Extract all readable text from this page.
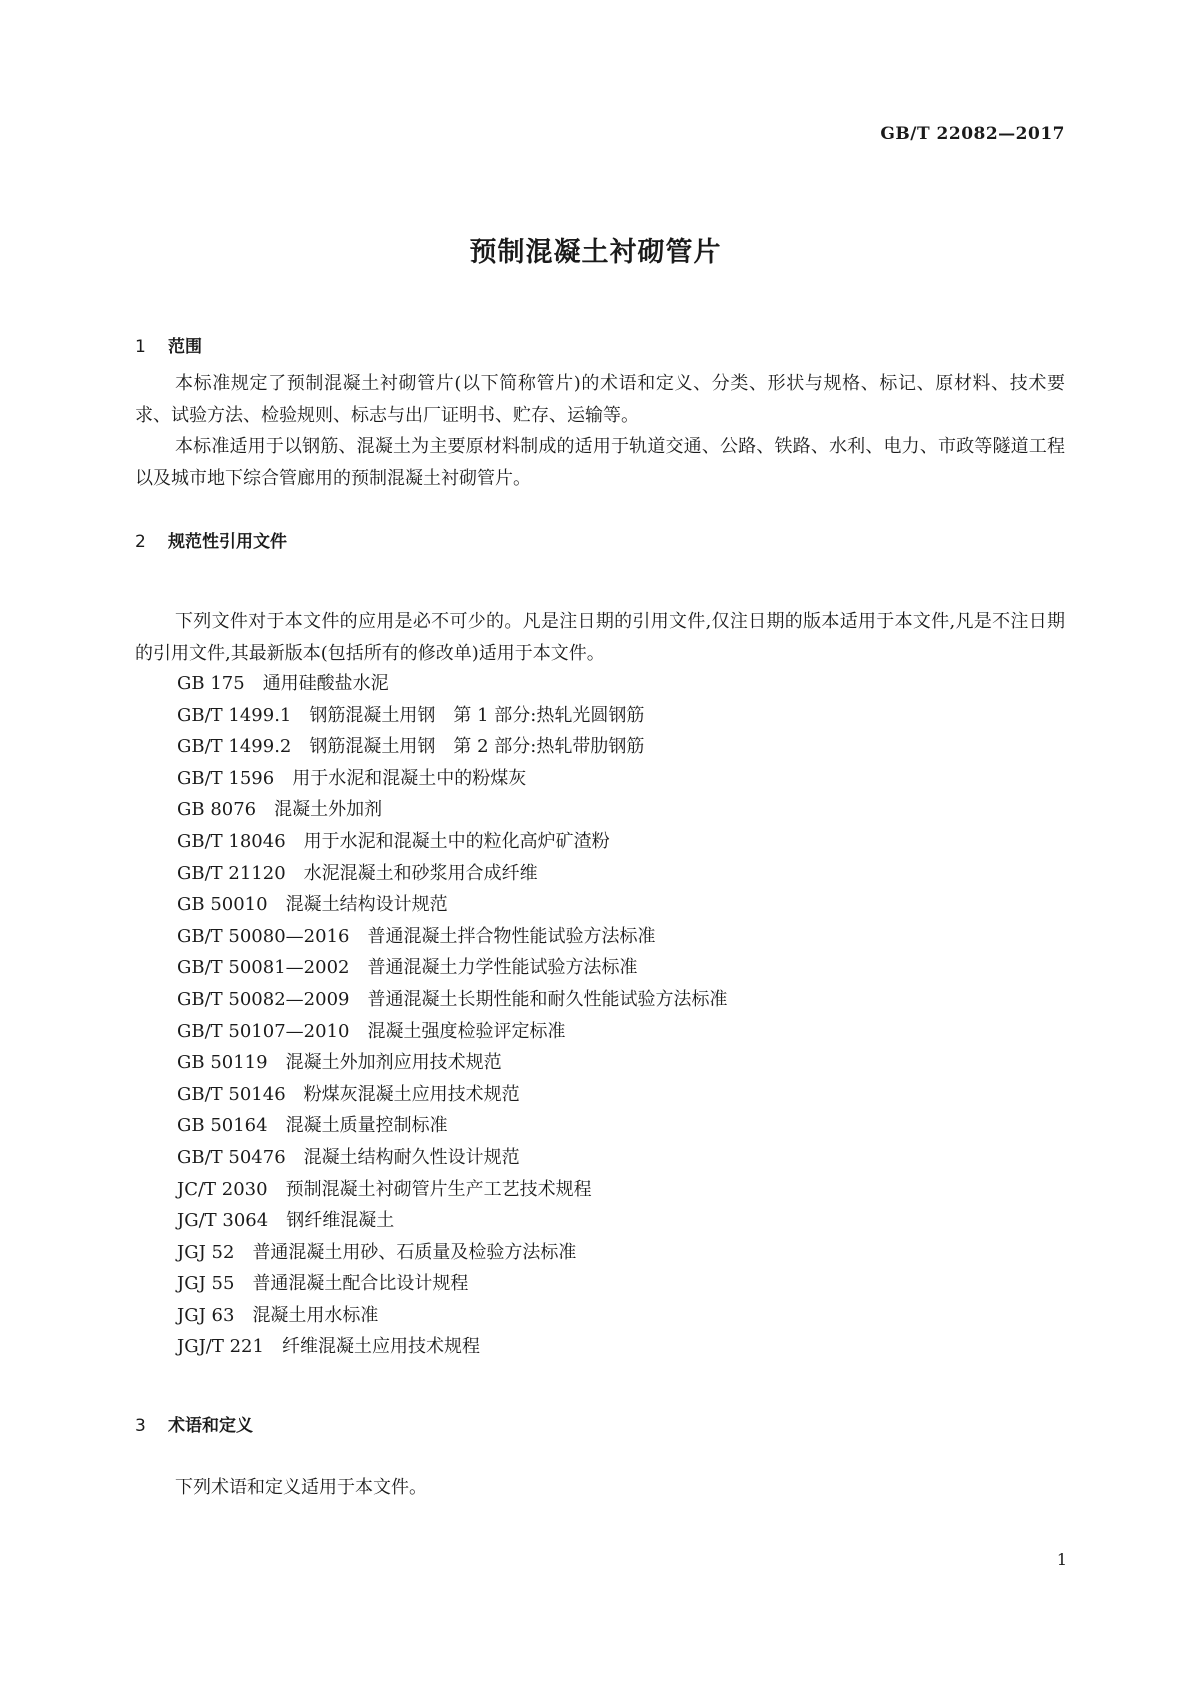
GB/T 22082—2017
预制混凝土衬砌管片
1 范围

本标准规定了预制混凝土衬砌管片(以下简称管片)的术语和定义、分类、形状与规格、标记、原材料、技术要求、试验方法、检验规则、标志与出厂证明书、贮存、运输等。

本标准适用于以钢筋、混凝土为主要原材料制成的适用于轨道交通、公路、铁路、水利、电力、市政等隧道工程以及城市地下综合管廊用的预制混凝土衬砌管片。

2 规范性引用文件

下列文件对于本文件的应用是必不可少的。凡是注日期的引用文件,仅注日期的版本适用于本文件,凡是不注日期的引用文件,其最新版本(包括所有的修改单)适用于本文件。

GB 175 通用硅酸盐水泥
GB/T 1499.1 钢筋混凝土用钢　第 1 部分:热轧光圆钢筋
GB/T 1499.2 钢筋混凝土用钢　第 2 部分:热轧带肋钢筋
GB/T 1596 用于水泥和混凝土中的粉煤灰
GB 8076 混凝土外加剂
GB/T 18046 用于水泥和混凝土中的粒化高炉矿渣粉
GB/T 21120 水泥混凝土和砂浆用合成纤维
GB 50010 混凝土结构设计规范
GB/T 50080—2016 普通混凝土拌合物性能试验方法标准
GB/T 50081—2002 普通混凝土力学性能试验方法标准
GB/T 50082—2009 普通混凝土长期性能和耐久性能试验方法标准
GB/T 50107—2010 混凝土强度检验评定标准
GB 50119 混凝土外加剂应用技术规范
GB/T 50146 粉煤灰混凝土应用技术规范
GB 50164 混凝土质量控制标准
GB/T 50476 混凝土结构耐久性设计规范
JC/T 2030 预制混凝土衬砌管片生产工艺技术规程
JG/T 3064 钢纤维混凝土
JGJ 52 普通混凝土用砂、石质量及检验方法标准
JGJ 55 普通混凝土配合比设计规程
JGJ 63 混凝土用水标准
JGJ/T 221 纤维混凝土应用技术规程
3 术语和定义

下列术语和定义适用于本文件。

1
